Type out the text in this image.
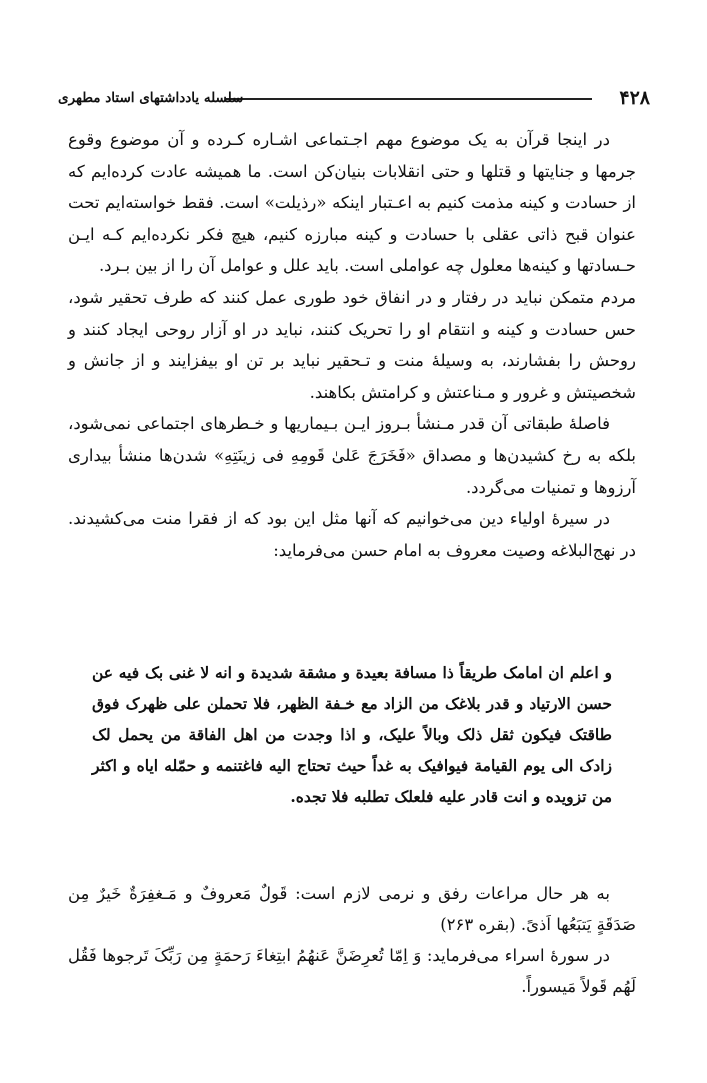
۴۲۸
سلسله یادداشتهای استاد مطهری

در اینجا قرآن به یک موضوع مهم اجـتماعی اشـاره کـرده و آن موضوع وقوع جرمها و جنایتها و قتلها و حتی انقلابات بنیان‌کن است. ما همیشه عادت کرده‌ایم که از حسادت و کینه مذمت کنیم به اعـتبار اینکه «رذیلت» است. فقط خواسته‌ایم تحت عنوان قبح ذاتی عقلی با حسادت و کینه مبارزه کنیم، هیچ فکر نکرده‌ایم کـه ایـن حـسادتها و کینه‌ها معلول چه عواملی است. باید علل و عوامل آن را از بین بـرد.

مردم متمکن نباید در رفتار و در انفاق خود طوری عمل کنند که طرف تحقیر شود، حس حسادت و کینه و انتقام او را تحریک کنند، نباید در او آزار روحی ایجاد کنند و روحش را بفشارند، به وسیلهٔ منت و تـحقیر نباید بر تن او بیفزایند و از جانش و شخصیتش و غرور و مـناعتش و کرامتش بکاهند.

فاصلهٔ طبقاتی آن قدر مـنشأ بـروز ایـن بـیماریها و خـطرهای اجتماعی نمی‌شود، بلکه به رخ کشیدن‌ها و مصداق «فَخَرَجَ عَلیٰ قَومِهِ فی زینَتِهِ» شدن‌ها منشأ بیداری آرزوها و تمنیات می‌گردد.

در سیرهٔ اولیاء دین می‌خوانیم که آنها مثل این بود که از فقرا منت می‌کشیدند. در نهج‌البلاغه وصیت معروف به امام حسن می‌فرماید:

و اعلم ان امامک طریقاً ذا مسافة بعیدة و مشقة شدیدة و انه لا غنی بک فیه عن حسن الارتیاد و قدر بلاغک من الزاد مع خـفة الظهر، فلا تحملن علی ظهرک فوق طاقتک فیکون ثقل ذلک وبالاً علیک، و اذا وجدت من اهل الفاقة من یحمل لک زادک الی یوم القیامة فیوافیک به غداً حیث تحتاج الیه فاغتنمه و حمّله ایاه و اکثر من تزویده و انت قادر علیه فلعلک تطلبه فلا تجده.

به هر حال مراعات رفق و نرمی لازم است: قَولٌ مَعروفٌ و مَـغفِرَةٌ خَیرٌ مِن صَدَقَةٍ یَتبَعُها اَذیً. (بقره ۲۶۳)

در سورهٔ اسراء می‌فرماید: وَ اِمّا تُعرِضَنَّ عَنهُمُ ابتِغاءَ رَحمَةٍ مِن رَبِّکَ تَرجوها فَقُل لَهُم قَولاً مَیسوراً.
